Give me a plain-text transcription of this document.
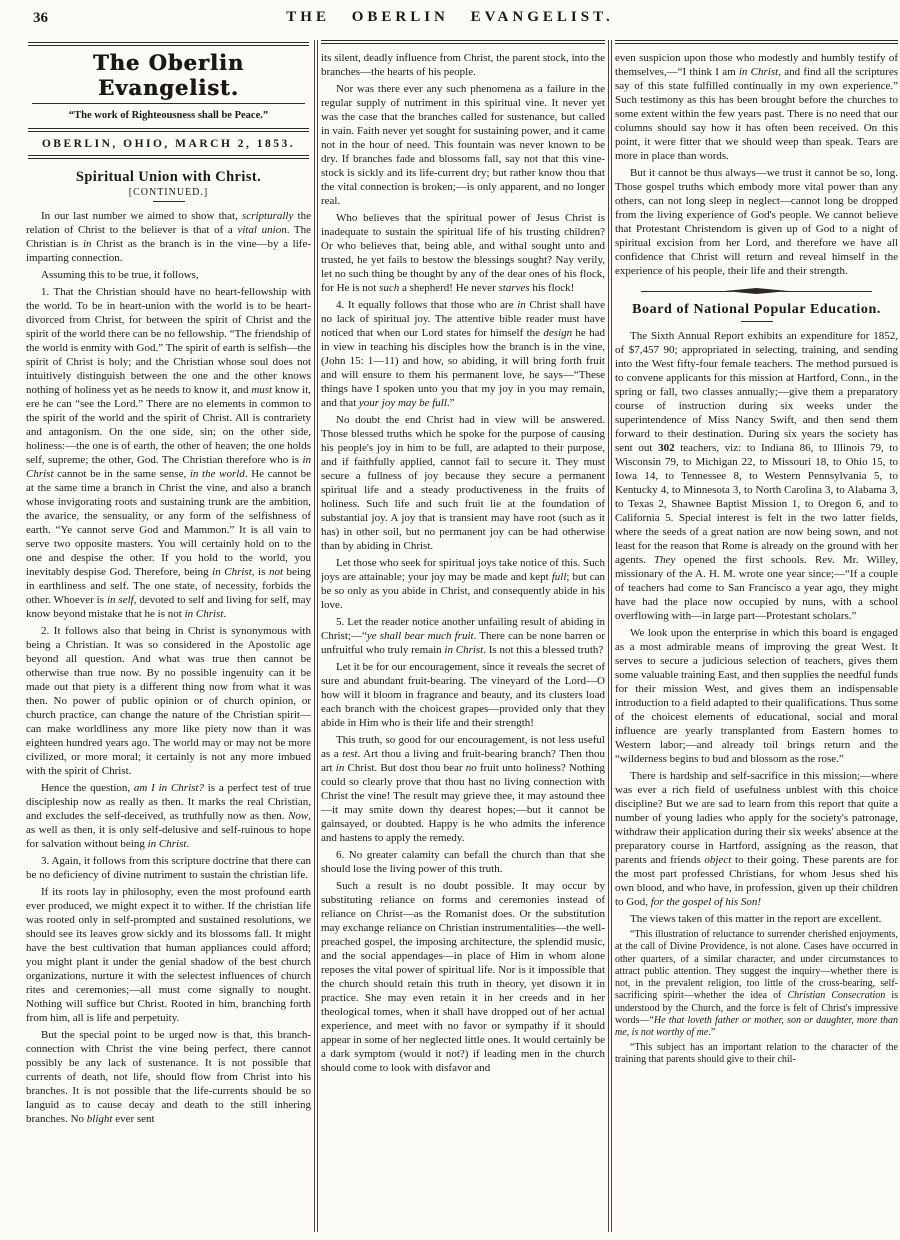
36	THE OBERLIN EVANGELIST.
The Oberlin Evangelist.
“The work of Righteousness shall be Peace.”
OBERLIN, OHIO, MARCH 2, 1853.
Spiritual Union with Christ.
[CONTINUED.]

In our last number we aimed to show that, scripturally the relation of Christ to the believer is that of a vital union. The Christian is in Christ as the branch is in the vine—by a life-imparting connection.

Assuming this to be true, it follows,

1. That the Christian should have no heart-fellowship with the world. To be in heart-union with the world is to be heart-divorced from Christ, for between the spirit of Christ and the spirit of the world there can be no fellowship. “The friendship of the world is enmity with God.” The spirit of earth is selfish—the spirit of Christ is holy; and the Christian whose soul does not intuitively distinguish between the one and the other knows nothing of holiness yet as he needs to know it, and must know it, ere he can “see the Lord.” There are no elements in common to the spirit of the world and the spirit of Christ. All is contrariety and antagonism. On the one side, sin; on the other side, holiness:—the one is of earth, the other of heaven; the one holds self, supreme; the other, God. The Christian therefore who is in Christ cannot be in the same sense, in the world. He cannot be at the same time a branch in Christ the vine, and also a branch whose invigorating roots and sustaining trunk are the ambition, the avarice, the sensuality, or any form of the selfishness of earth. “Ye cannot serve God and Mammon.” It is all vain to serve two opposite masters. You will certainly hold on to the one and despise the other. If you hold to the world, you inevitably despise God. Therefore, being in Christ, is not being in earthliness and self. The one state, of necessity, forbids the other. Whoever is in self, devoted to self and living for self, may know beyond mistake that he is not in Christ.

2. It follows also that being in Christ is synonymous with being a Christian. It was so considered in the Apostolic age beyond all question. And what was true then cannot be otherwise than true now. By no possible ingenuity can it be made out that piety is a different thing now from what it was then. No power of public opinion or of church opinion, or church practice, can change the nature of the Christian spirit—can make worldliness any more like piety now than it was eighteen hundred years ago. The world may or may not be more civilized, or more moral; it certainly is not any more imbued with the spirit of Christ.

Hence the question, am I in Christ? is a perfect test of true discipleship now as really as then. It marks the real Christian, and excludes the self-deceived, as truthfully now as then. Now, as well as then, it is only self-delusive and self-ruinous to hope for salvation without being in Christ.

3. Again, it follows from this scripture doctrine that there can be no deficiency of divine nutriment to sustain the christian life.

If its roots lay in philosophy, even the most profound earth ever produced, we might expect it to wither. If the christian life was rooted only in self-prompted and sustained resolutions, we should see its leaves grow sickly and its blossoms fall. It might have the best cultivation that human appliances could afford; you might plant it under the genial shadow of the best church organizations, nurture it with the selectest influences of church rites and ceremonies;—all must come signally to nought. Nothing will suffice but Christ. Rooted in him, branching forth from him, all is life and perpetuity.

But the special point to be urged now is that, this branch-connection with Christ the vine being perfect, there cannot possibly be any lack of sustenance. It is not possible that currents of death, not life, should flow from Christ into his branches. It is not possible that the life-currents should be so languid as to cause decay and death to the still inhering branches. No blight ever sent

its silent, deadly influence from Christ, the parent stock, into the branches—the hearts of his people.

Nor was there ever any such phenomena as a failure in the regular supply of nutriment in this spiritual vine. It never yet was the case that the branches called for sustenance, but called in vain. Faith never yet sought for sustaining power, and it came not in the hour of need. This fountain was never known to be dry. If branches fade and blossoms fall, say not that this vine-stock is sickly and its life-current dry; but rather know thou that the vital connection is broken;—is only apparent, and no longer real.

Who believes that the spiritual power of Jesus Christ is inadequate to sustain the spiritual life of his trusting children? Or who believes that, being able, and withal sought unto and trusted, he yet fails to bestow the blessings sought? Nay verily, let no such thing be thought by any of the dear ones of his flock, for He is not such a shepherd! He never starves his flock!

4. It equally follows that those who are in Christ shall have no lack of spiritual joy. The attentive bible reader must have noticed that when our Lord states for himself the design he had in view in teaching his disciples how the branch is in the vine, (John 15: 1—11) and how, so abiding, it will bring forth fruit and will ensure to them his permanent love, he says—“These things have I spoken unto you that my joy in you may remain, and that your joy may be full.”

No doubt the end Christ had in view will be answered. Those blessed truths which he spoke for the purpose of causing his people's joy in him to be full, are adapted to their purpose, and if faithfully applied, cannot fail to secure it. They must secure a fullness of joy because they secure a permanent spiritual life and a steady productiveness in the fruits of holiness. Such life and such fruit lie at the foundation of substantial joy. A joy that is transient may have root (such as it has) in other soil, but no permanent joy can be had otherwise than by abiding in Christ.

Let those who seek for spiritual joys take notice of this. Such joys are attainable; your joy may be made and kept full; but can be so only as you abide in Christ, and consequently abide in his love.

5. Let the reader notice another unfailing result of abiding in Christ;—“ye shall bear much fruit. There can be none barren or unfruitful who truly remain in Christ. Is not this a blessed truth?

Let it be for our encouragement, since it reveals the secret of sure and abundant fruit-bearing. The vineyard of the Lord—O how will it bloom in fragrance and beauty, and its clusters load each branch with the choicest grapes—provided only that they abide in Him who is their life and their strength!

This truth, so good for our encouragement, is not less useful as a test. Art thou a living and fruit-bearing branch? Then thou art in Christ. But dost thou bear no fruit unto holiness? Nothing could so clearly prove that thou hast no living connection with Christ the vine! The result may grieve thee, it may astound thee—it may smite down thy dearest hopes;—but it cannot be gainsayed, or doubted. Happy is he who admits the inference and hastens to apply the remedy.

6. No greater calamity can befall the church than that she should lose the living power of this truth.

Such a result is no doubt possible. It may occur by substituting reliance on forms and ceremonies instead of reliance on Christ—as the Romanist does. Or the substitution may exchange reliance on Christian instrumentalities—the well-preached gospel, the imposing architecture, the splendid music, and the social appendages—in place of Him in whom alone reposes the vital power of spiritual life. Nor is it impossible that the church should retain this truth in theory, yet disown it in practice. She may even retain it in her creeds and in her theological tomes, when it shall have dropped out of her actual experience, and meet with no favor or sympathy if it should appear in some of her neglected little ones. It would certainly be a dark symptom (would it not?) if leading men in the church should come to look with disfavor and

even suspicion upon those who modestly and humbly testify of themselves,—“I think I am in Christ, and find all the scriptures say of this state fulfilled continually in my own experience.” Such testimony as this has been brought before the churches to some extent within the few years past. There is no need that our columns should say how it has often been received. On this point, it were fitter that we should weep than speak. Tears are more in place than words.

But it cannot be thus always—we trust it cannot be so, long. Those gospel truths which embody more vital power than any others, can not long sleep in neglect—cannot long be dropped from the living experience of God's people. We cannot believe that Protestant Christendom is given up of God to a night of spiritual excision from her Lord, and therefore we have all confidence that Christ will return and reveal himself in the experience of his people, their life and their strength.

Board of National Popular Education.

The Sixth Annual Report exhibits an expenditure for 1852, of $7,457 90; appropriated in selecting, training, and sending into the West fifty-four female teachers. The method pursued is to convene applicants for this mission at Hartford, Conn., in the spring or fall, two classes annually;—give them a preparatory course of instruction during six weeks under the superintendence of Miss Nancy Swift, and then send them forward to their destination. During six years the society has sent out 302 teachers, viz: to Indiana 86, to Illinois 79, to Wisconsin 79, to Michigan 22, to Missouri 18, to Ohio 15, to Iowa 14, to Tennessee 8, to Western Pennsylvania 5, to Kentucky 4, to Minnesota 3, to North Carolina 3, to Alabama 3, to Texas 2, Shawnee Baptist Mission 1, to Oregon 6, and to California 5. Special interest is felt in the two latter fields, where the seeds of a great nation are now being sown, and not least for the reason that Rome is already on the ground with her agents. They opened the first schools. Rev. Mr. Willey, missionary of the A. H. M. wrote one year since;—“If a couple of teachers had come to San Francisco a year ago, they might have had the place now occupied by nuns, with a school overflowing with—in large part—Protestant scholars.”

We look upon the enterprise in which this board is engaged as a most admirable means of improving the great West. It serves to secure a judicious selection of teachers, gives them some valuable training East, and then supplies the needful funds for their mission West, and gives them an indispensable introduction to a field adapted to their qualifications. Thus some of the choicest elements of educational, social and moral influence are yearly transplanted from Eastern homes to Western labor;—and already toil brings return and the “wilderness begins to bud and blossom as the rose.”

There is hardship and self-sacrifice in this mission;—where was ever a rich field of usefulness unblest with this choice discipline? But we are sad to learn from this report that quite a number of young ladies who apply for the society's patronage, withdraw their application during their six weeks' absence at the preparatory course in Hartford, assigning as the reason, that parents and friends object to their going. These parents are for the most part professed Christians, for whom Jesus shed his own blood, and who have, in profession, given up their children to God, for the gospel of his Son!

The views taken of this matter in the report are excellent.

“This illustration of reluctance to surrender cherished enjoyments, at the call of Divine Providence, is not alone. Cases have occurred in other quarters, of a similar character, and under circumstances to attract public attention. They suggest the inquiry—whether there is not, in the prevalent religion, too little of the cross-bearing, self-sacrificing spirit—whether the idea of Christian Consecration is understood by the Church, and the force is felt of Christ's impressive words—“He that loveth father or mother, son or daughter, more than me, is not worthy of me.”

“This subject has an important relation to the character of the training that parents should give to their chil-
